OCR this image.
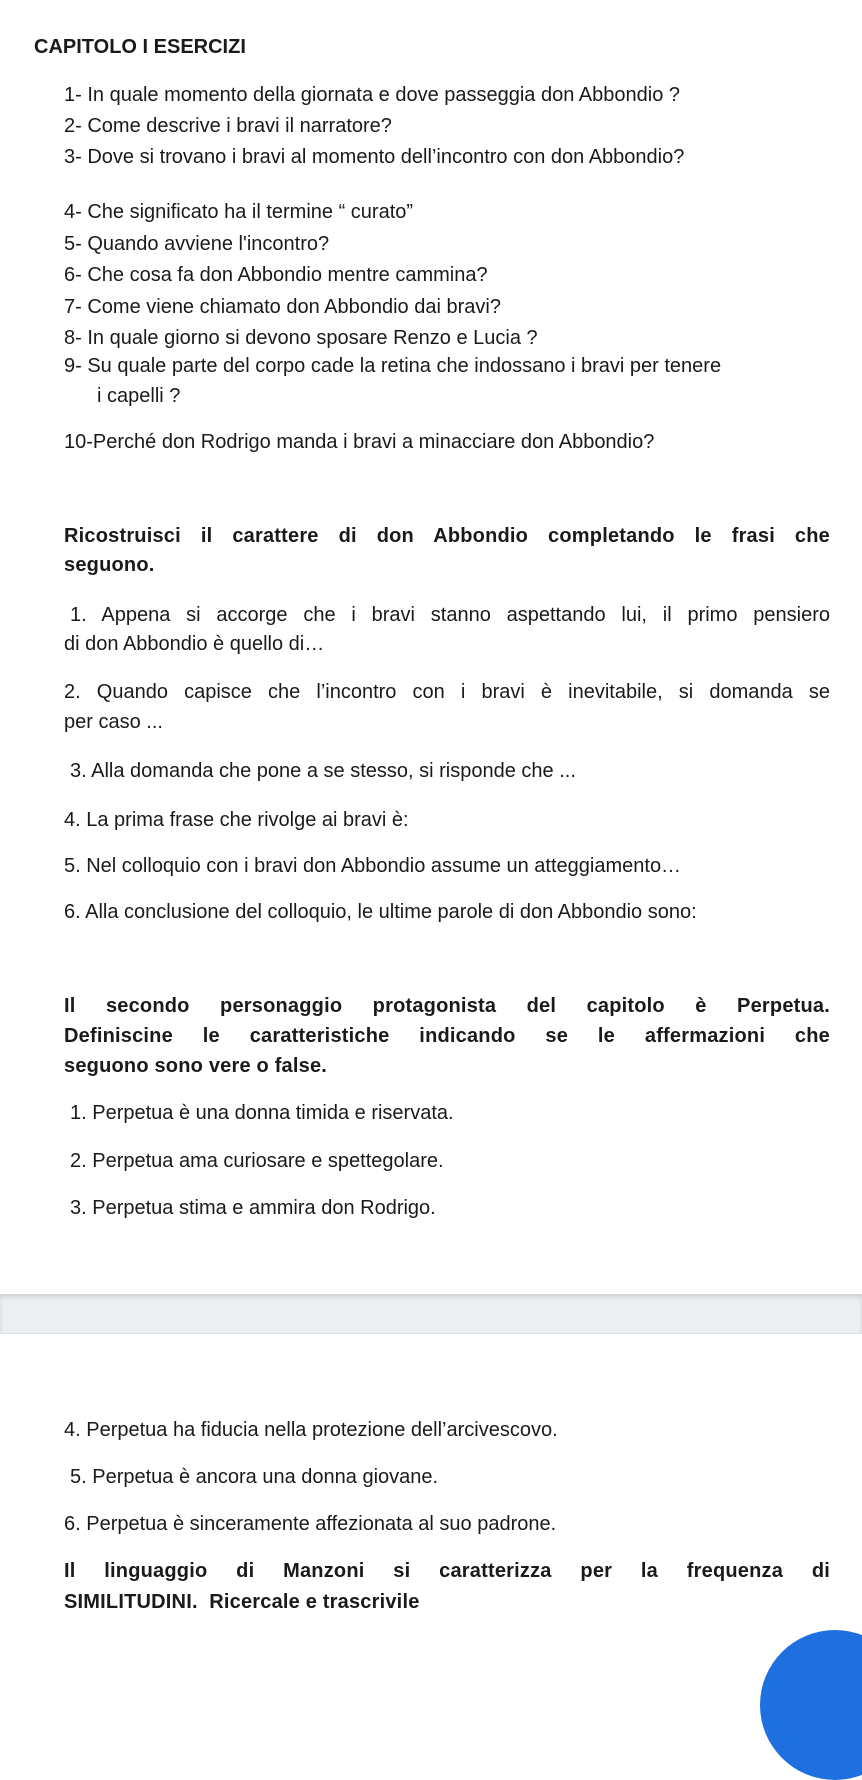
CAPITOLO I ESERCIZI

1- In quale momento della giornata e dove passeggia don Abbondio ?

2- Come descrive i bravi il narratore?

3- Dove si trovano i bravi al momento dell’incontro con don Abbondio?

4- Che significato ha il termine “ curato”

5- Quando avviene l'incontro?

6- Che cosa fa don Abbondio mentre cammina?

7- Come viene chiamato don Abbondio dai bravi?

8- In quale giorno si devono sposare Renzo e Lucia ?

9- Su quale parte del corpo cade la retina che indossano i bravi per tenere

i capelli ?

10-Perché don Rodrigo manda i bravi a minacciare don Abbondio?

Ricostruisci il carattere di don Abbondio completando le frasi che

seguono.

1. Appena si accorge che i bravi stanno aspettando lui, il primo pensiero

di don Abbondio è quello di…

2. Quando capisce che l’incontro con i bravi è inevitabile, si domanda se

per caso ...

3. Alla domanda che pone a se stesso, si risponde che ...

4. La prima frase che rivolge ai bravi è:

5. Nel colloquio con i bravi don Abbondio assume un atteggiamento…

6. Alla conclusione del colloquio, le ultime parole di don Abbondio sono:

Il secondo personaggio protagonista del capitolo è Perpetua.

Definiscine le caratteristiche indicando se le affermazioni che

seguono sono vere o false.

1. Perpetua è una donna timida e riservata.

2. Perpetua ama curiosare e spettegolare.

3. Perpetua stima e ammira don Rodrigo.

4. Perpetua ha fiducia nella protezione dell’arcivescovo.

5. Perpetua è ancora una donna giovane.

6. Perpetua è sinceramente affezionata al suo padrone.

Il linguaggio di Manzoni si caratterizza per la frequenza di

SIMILITUDINI.  Ricercale e trascrivile
